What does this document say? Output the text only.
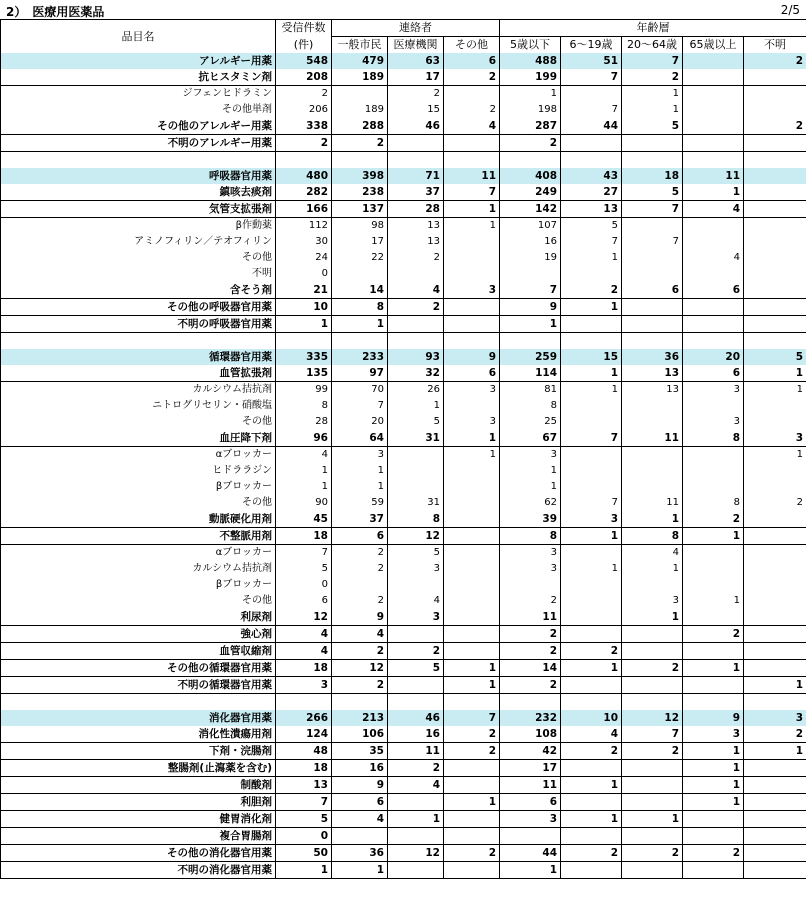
2）　医療用医薬品	2/5
品目名	受信件数	連絡者			年齢層				
	(件)	一般市民	医療機関	その他	5歳以下	6～19歳	20～64歳	65歳以上	不明

アレルギー用薬	548	479	63	6	488	51	7		2
抗ヒスタミン剤	208	189	17	2	199	7	2		
ジフェンヒドラミン	2		2		1		1		
その他単剤	206	189	15	2	198	7	1		
その他のアレルギー用薬	338	288	46	4	287	44	5		2
不明のアレルギー用薬	2	2			2				

呼吸器官用薬	480	398	71	11	408	43	18	11	
鎮咳去痰剤	282	238	37	7	249	27	5	1	
気管支拡張剤	166	137	28	1	142	13	7	4	
β作動薬	112	98	13	1	107	5			
アミノフィリン／テオフィリン	30	17	13		16	7	7		
その他	24	22	2		19	1		4	
不明	0								
含そう剤	21	14	4	3	7	2	6	6	
その他の呼吸器官用薬	10	8	2		9	1			
不明の呼吸器官用薬	1	1			1				

循環器官用薬	335	233	93	9	259	15	36	20	5
血管拡張剤	135	97	32	6	114	1	13	6	1
カルシウム拮抗剤	99	70	26	3	81	1	13	3	1
ニトログリセリン・硝酸塩	8	7	1		8				
その他	28	20	5	3	25			3	
血圧降下剤	96	64	31	1	67	7	11	8	3
αブロッカー	4	3		1	3				1
ヒドララジン	1	1			1				
βブロッカー	1	1			1				
その他	90	59	31		62	7	11	8	2
動脈硬化用剤	45	37	8		39	3	1	2	
不整脈用剤	18	6	12		8	1	8	1	
αブロッカー	7	2	5		3		4		
カルシウム拮抗剤	5	2	3		3	1	1		
βブロッカー	0								
その他	6	2	4		2		3	1	
利尿剤	12	9	3		11		1		
強心剤	4	4			2			2	
血管収縮剤	4	2	2		2	2			
その他の循環器官用薬	18	12	5	1	14	1	2	1	
不明の循環器官用薬	3	2		1	2				1

消化器官用薬	266	213	46	7	232	10	12	9	3
消化性潰瘍用剤	124	106	16	2	108	4	7	3	2
下剤・浣腸剤	48	35	11	2	42	2	2	1	1
整腸剤(止瀉薬を含む)	18	16	2		17			1	
制酸剤	13	9	4		11	1		1	
利胆剤	7	6		1	6			1	
健胃消化剤	5	4	1		3	1	1		
複合胃腸剤	0								
その他の消化器官用薬	50	36	12	2	44	2	2	2	
不明の消化器官用薬	1	1			1				
